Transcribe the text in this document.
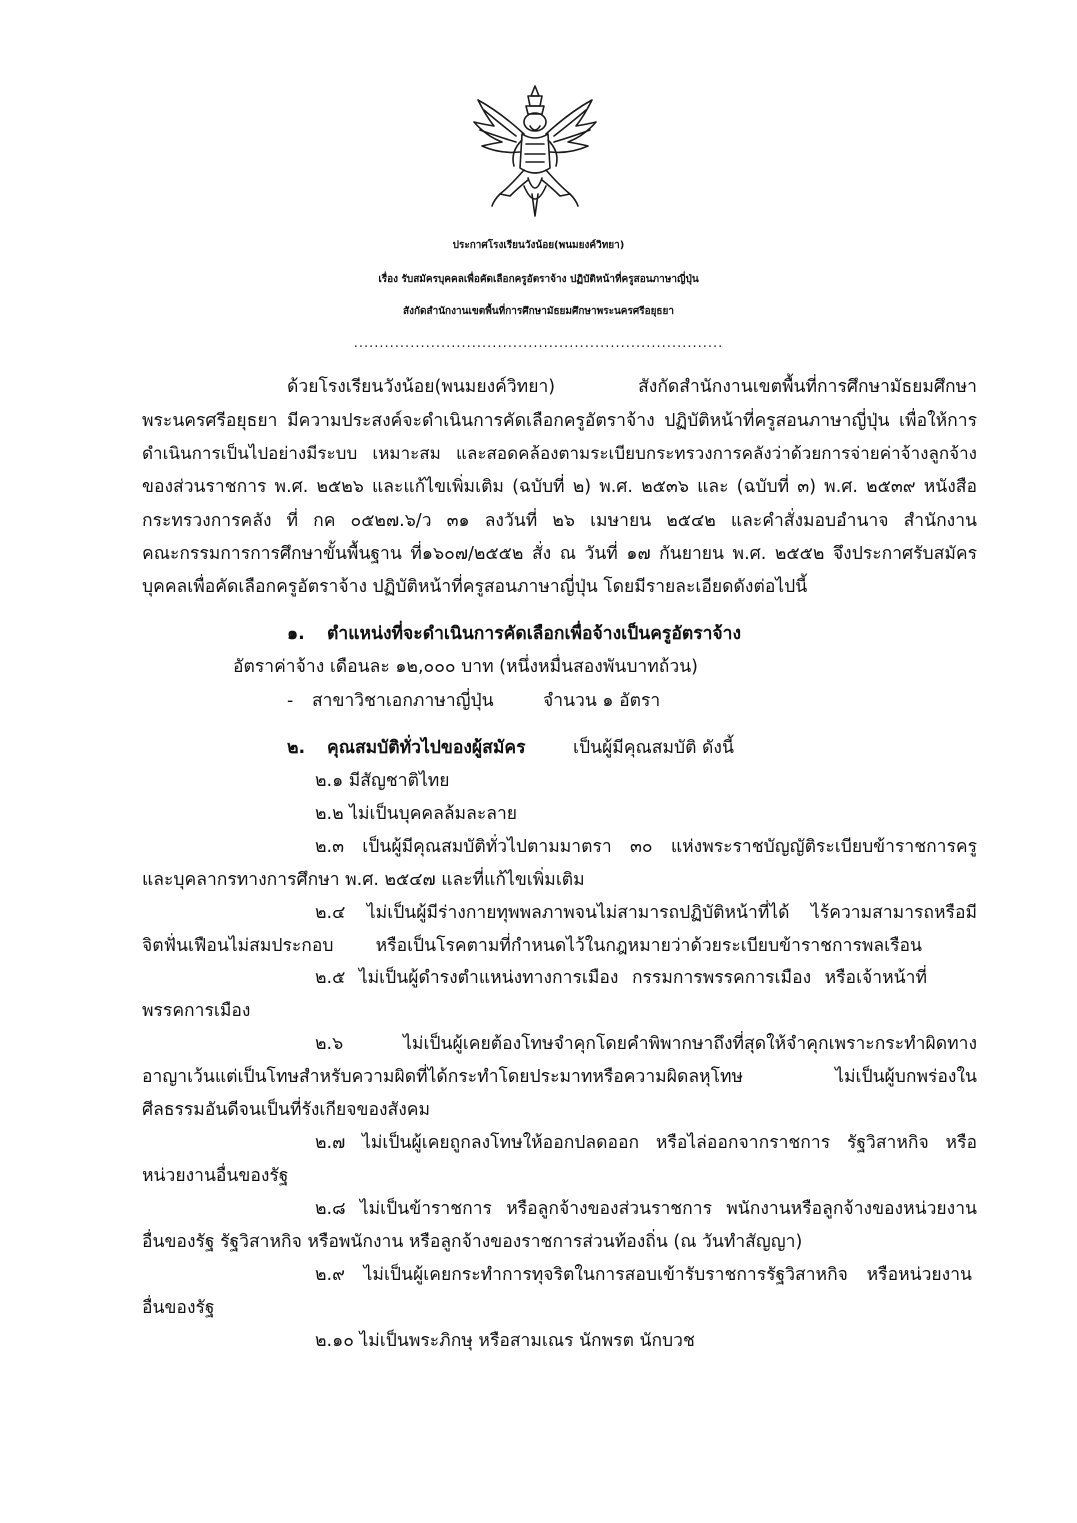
ประกาศโรงเรียนวังน้อย(พนมยงค์วิทยา)
เรื่อง รับสมัครบุคคลเพื่อคัดเลือกครูอัตราจ้าง ปฏิบัติหน้าที่ครูสอนภาษาญี่ปุ่น
สังกัดสำนักงานเขตพื้นที่การศึกษามัธยมศึกษาพระนครศรีอยุธยา
........................................................................
ด้วยโรงเรียนวังน้อย(พนมยงค์วิทยา) สังกัดสำนักงานเขตพื้นที่การศึกษามัธยมศึกษา
พระนครศรีอยุธยา มีความประสงค์จะดำเนินการคัดเลือกครูอัตราจ้าง ปฏิบัติหน้าที่ครูสอนภาษาญี่ปุ่น เพื่อให้การ
ดำเนินการเป็นไปอย่างมีระบบ เหมาะสม และสอดคล้องตามระเบียบกระทรวงการคลังว่าด้วยการจ่ายค่าจ้างลูกจ้าง
ของส่วนราชการ พ.ศ. ๒๕๒๖ และแก้ไขเพิ่มเติม (ฉบับที่ ๒) พ.ศ. ๒๕๓๖ และ (ฉบับที่ ๓) พ.ศ. ๒๕๓๙ หนังสือ
กระทรวงการคลัง ที่ กค ๐๕๒๗.๖/ว ๓๑ ลงวันที่ ๒๖ เมษายน ๒๕๔๒ และคำสั่งมอบอำนาจ สำนักงาน
คณะกรรมการการศึกษาขั้นพื้นฐาน ที่๑๖๐๗/๒๕๕๒ สั่ง ณ วันที่ ๑๗ กันยายน พ.ศ. ๒๕๕๒ จึงประกาศรับสมัคร
บุคคลเพื่อคัดเลือกครูอัตราจ้าง ปฏิบัติหน้าที่ครูสอนภาษาญี่ปุ่น โดยมีรายละเอียดดังต่อไปนี้
๑. ตำแหน่งที่จะดำเนินการคัดเลือกเพื่อจ้างเป็นครูอัตราจ้าง
อัตราค่าจ้าง เดือนละ ๑๒,๐๐๐ บาท (หนึ่งหมื่นสองพันบาทถ้วน)
- สาขาวิชาเอกภาษาญี่ปุ่น	จำนวน ๑ อัตรา
๒. คุณสมบัติทั่วไปของผู้สมัคร	เป็นผู้มีคุณสมบัติ ดังนี้
๒.๑ มีสัญชาติไทย
๒.๒ ไม่เป็นบุคคลล้มละลาย
๒.๓ เป็นผู้มีคุณสมบัติทั่วไปตามมาตรา ๓๐ แห่งพระราชบัญญัติระเบียบข้าราชการครู
และบุคลากรทางการศึกษา พ.ศ. ๒๕๔๗ และที่แก้ไขเพิ่มเติม
๒.๔ ไม่เป็นผู้มีร่างกายทุพพลภาพจนไม่สามารถปฏิบัติหน้าที่ได้ ไร้ความสามารถหรือมี
จิตฟั่นเฟือนไม่สมประกอบ หรือเป็นโรคตามที่กำหนดไว้ในกฎหมายว่าด้วยระเบียบข้าราชการพลเรือน
๒.๕ ไม่เป็นผู้ดำรงตำแหน่งทางการเมือง กรรมการพรรคการเมือง หรือเจ้าหน้าที่
พรรคการเมือง
๒.๖ ไม่เป็นผู้เคยต้องโทษจำคุกโดยคำพิพากษาถึงที่สุดให้จำคุกเพราะกระทำผิดทาง
อาญาเว้นแต่เป็นโทษสำหรับความผิดที่ได้กระทำโดยประมาทหรือความผิดลหุโทษ ไม่เป็นผู้บกพร่องใน
ศีลธรรมอันดีจนเป็นที่รังเกียจของสังคม
๒.๗ ไม่เป็นผู้เคยถูกลงโทษให้ออกปลดออก หรือไล่ออกจากราชการ รัฐวิสาหกิจ หรือ
หน่วยงานอื่นของรัฐ
๒.๘ ไม่เป็นข้าราชการ หรือลูกจ้างของส่วนราชการ พนักงานหรือลูกจ้างของหน่วยงาน
อื่นของรัฐ รัฐวิสาหกิจ หรือพนักงาน หรือลูกจ้างของราชการส่วนท้องถิ่น (ณ วันทำสัญญา)
๒.๙ ไม่เป็นผู้เคยกระทำการทุจริตในการสอบเข้ารับราชการรัฐวิสาหกิจ หรือหน่วยงาน
อื่นของรัฐ
๒.๑๐ ไม่เป็นพระภิกษุ หรือสามเณร นักพรต นักบวช
